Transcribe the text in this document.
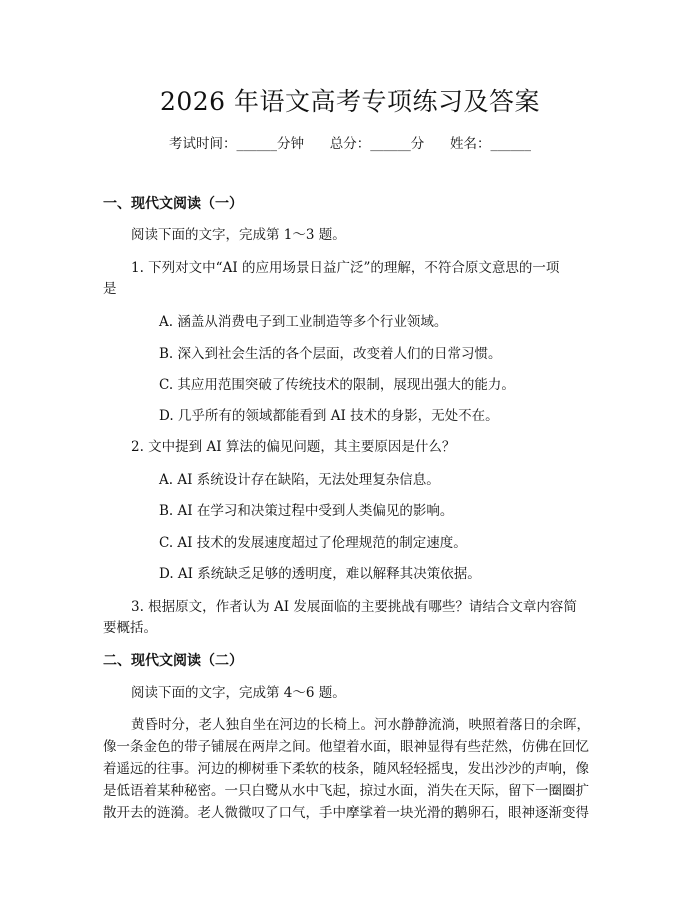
2026 年语文高考专项练习及答案
考试时间：______分钟      总分：______分      姓名：______
一、现代文阅读（一）
阅读下面的文字，完成第 1～3 题。
1. 下列对文中“AI 的应用场景日益广泛”的理解，不符合原文意思的一项
是
A. 涵盖从消费电子到工业制造等多个行业领域。
B. 深入到社会生活的各个层面，改变着人们的日常习惯。
C. 其应用范围突破了传统技术的限制，展现出强大的能力。
D. 几乎所有的领域都能看到 AI 技术的身影，无处不在。
2. 文中提到 AI 算法的偏见问题，其主要原因是什么？
A. AI 系统设计存在缺陷，无法处理复杂信息。
B. AI 在学习和决策过程中受到人类偏见的影响。
C. AI 技术的发展速度超过了伦理规范的制定速度。
D. AI 系统缺乏足够的透明度，难以解释其决策依据。
3. 根据原文，作者认为 AI 发展面临的主要挑战有哪些？请结合文章内容简
要概括。
二、现代文阅读（二）
阅读下面的文字，完成第 4～6 题。
黄昏时分，老人独自坐在河边的长椅上。河水静静流淌，映照着落日的余晖，
像一条金色的带子铺展在两岸之间。他望着水面，眼神显得有些茫然，仿佛在回忆
着遥远的往事。河边的柳树垂下柔软的枝条，随风轻轻摇曳，发出沙沙的声响，像
是低语着某种秘密。一只白鹭从水中飞起，掠过水面，消失在天际，留下一圈圈扩
散开去的涟漪。老人微微叹了口气，手中摩挲着一块光滑的鹅卵石，眼神逐渐变得
